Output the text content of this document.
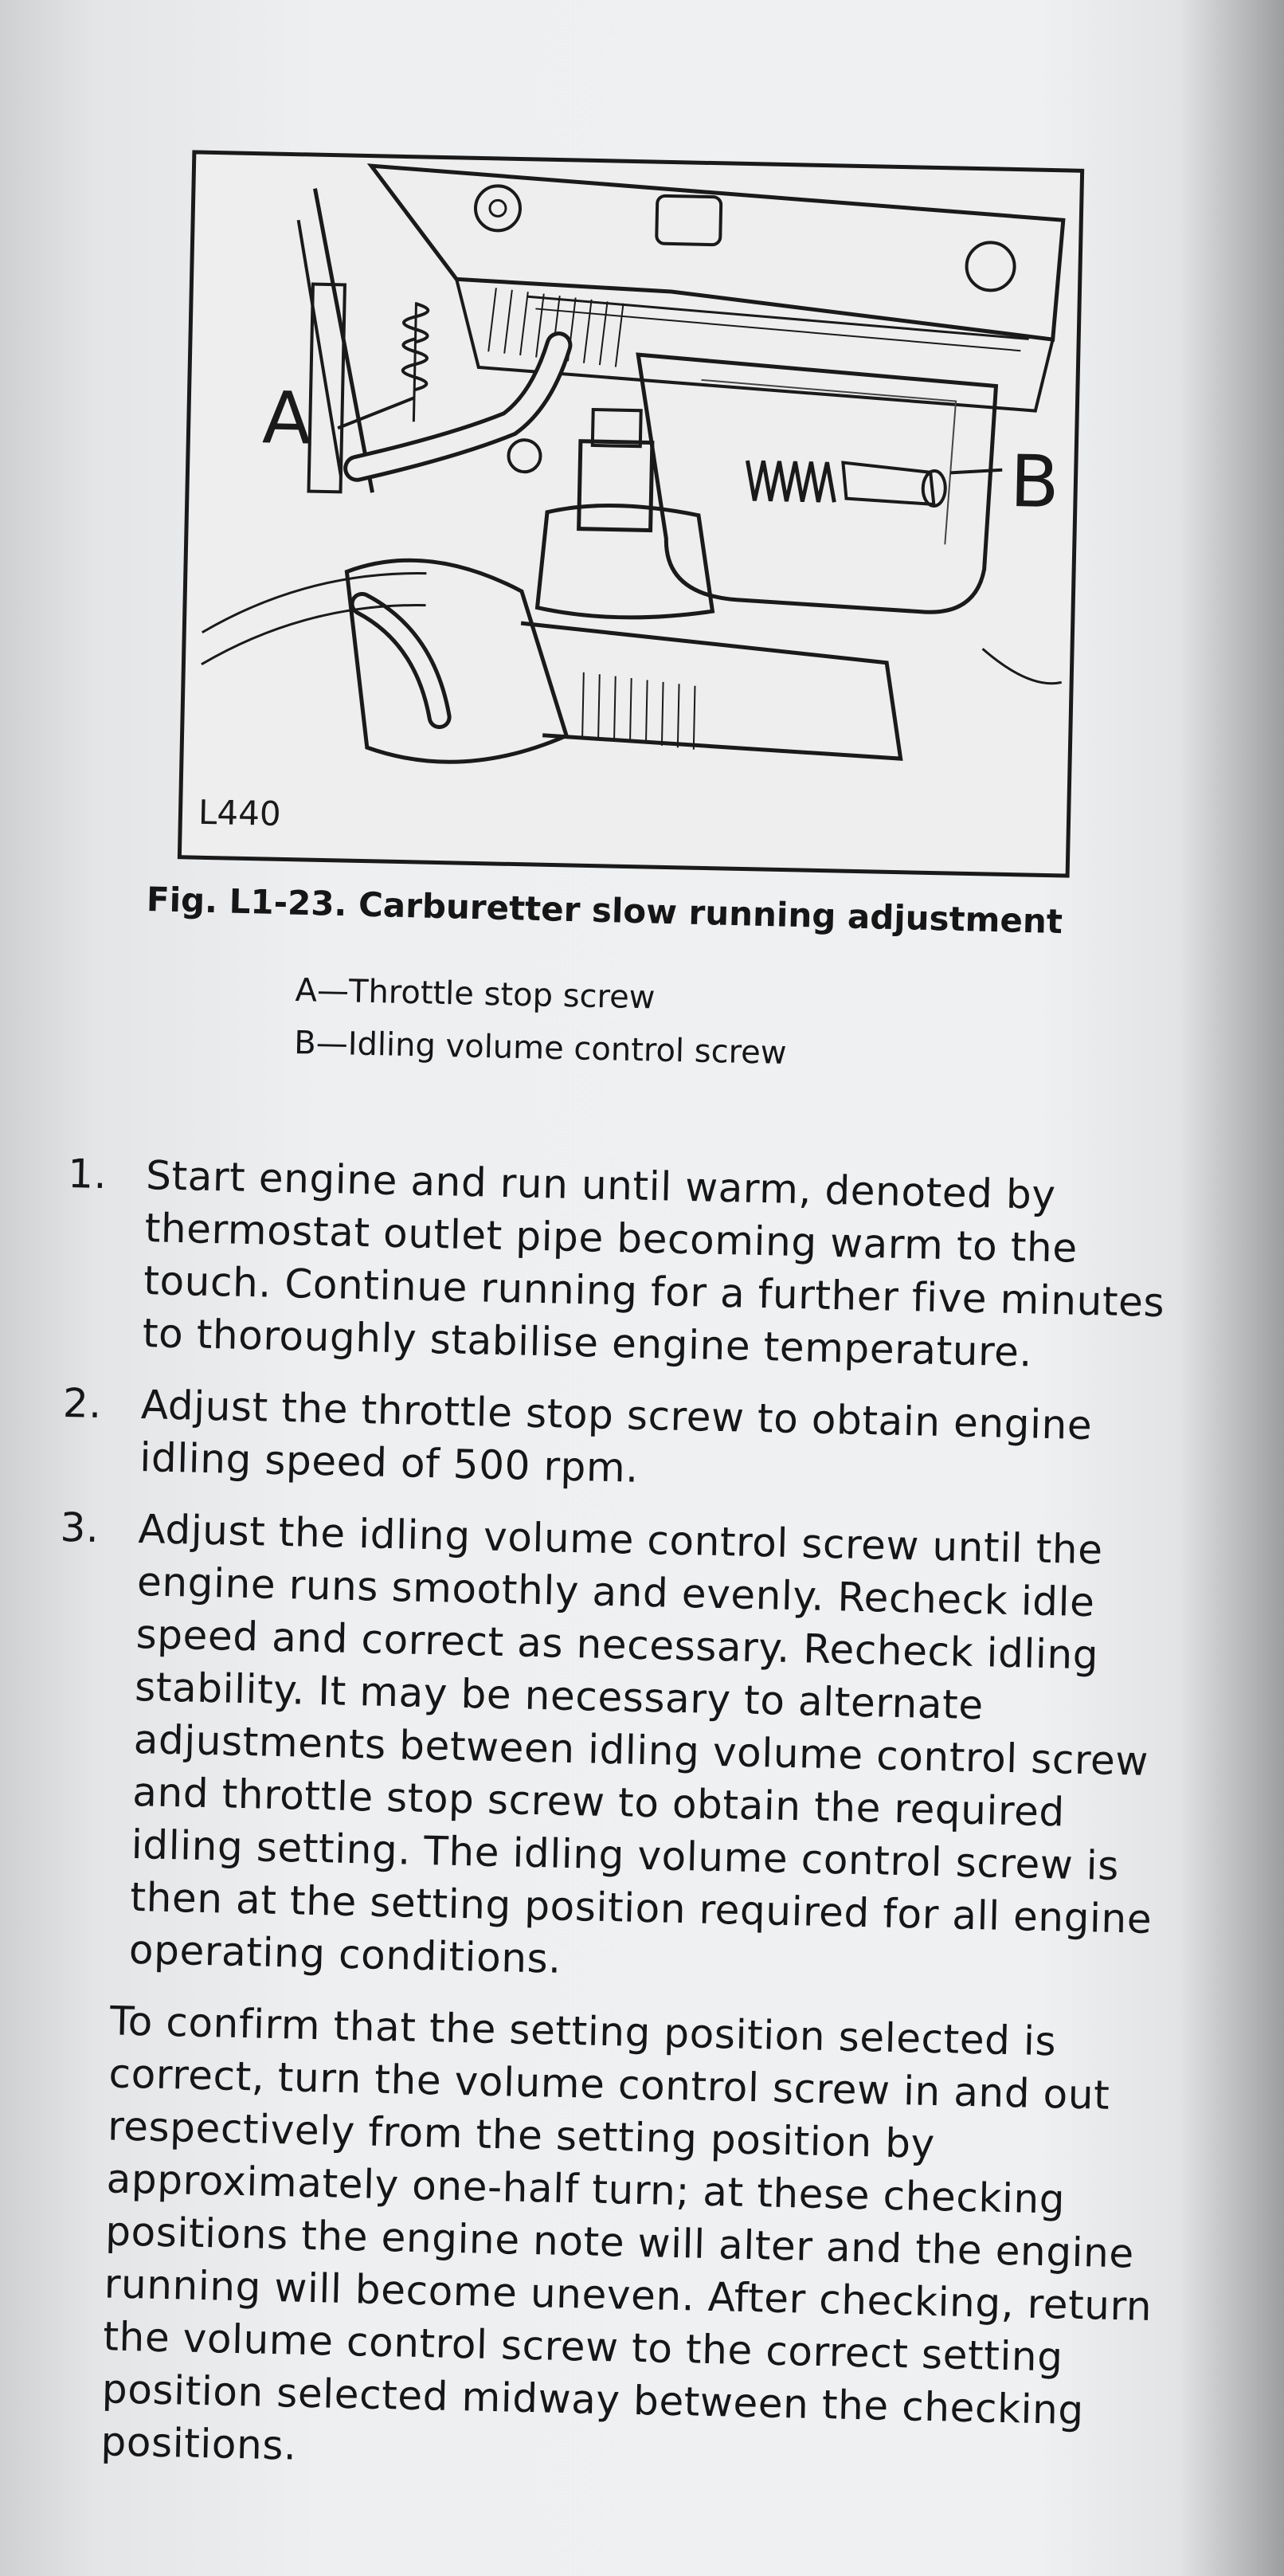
A
B
L440
Fig. L1-23. Carburetter slow running adjustment
A—Throttle stop screw
B—Idling volume control screw
1. Start engine and run until warm, denoted by thermostat outlet pipe becoming warm to the touch. Continue running for a further five minutes to thoroughly stabilise engine temperature.
2. Adjust the throttle stop screw to obtain engine idling speed of 500 rpm.
3. Adjust the idling volume control screw until the engine runs smoothly and evenly. Recheck idle speed and correct as necessary. Recheck idling stability. It may be necessary to alternate adjustments between idling volume control screw and throttle stop screw to obtain the required idling setting. The idling volume control screw is then at the setting position required for all engine operating conditions.
To confirm that the setting position selected is correct, turn the volume control screw in and out respectively from the setting position by approximately one-half turn; at these checking positions the engine note will alter and the engine running will become uneven. After checking, return the volume control screw to the correct setting position selected midway between the checking positions.
